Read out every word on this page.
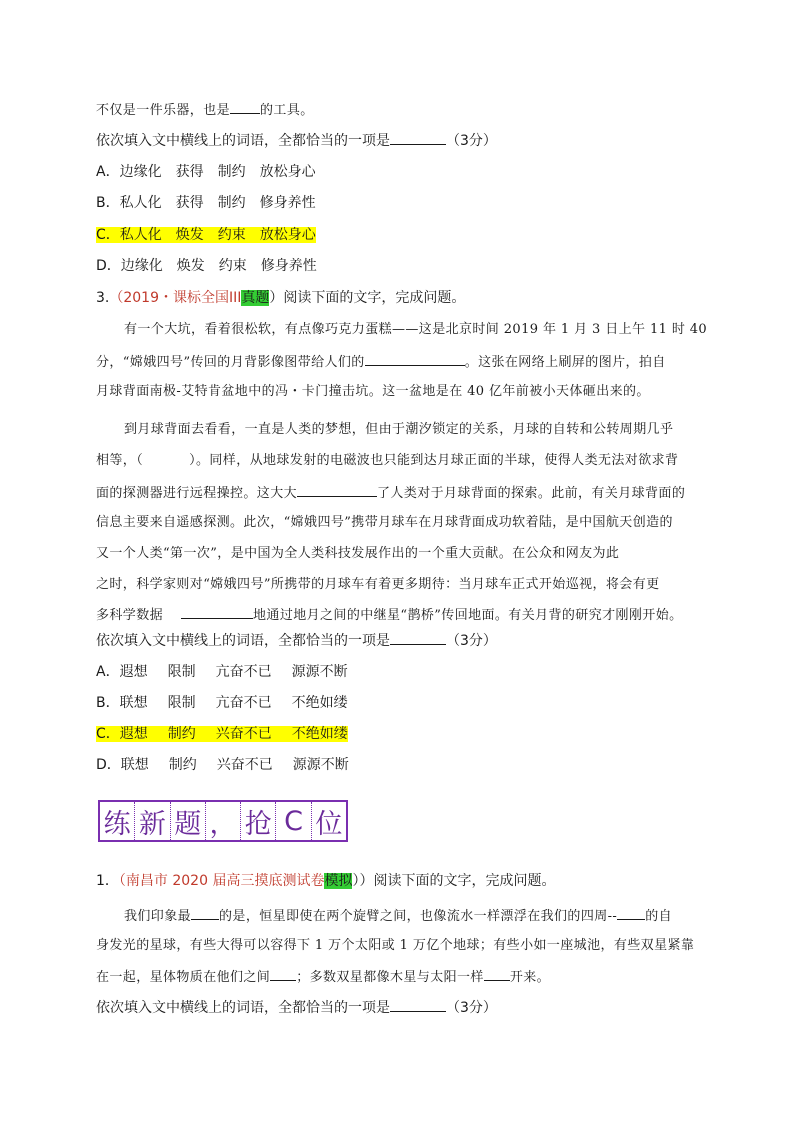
不仅是一件乐器，也是 的工具。
依次填入文中横线上的词语，全都恰当的一项是	（3分）
A．边缘化 获得 制约 放松身心
B．私人化 获得 制约 修身养性
C．私人化 焕发 约束 放松身心
D．边缘化 焕发 约束 修身养性
3.（2019・课标全国III真题）阅读下面的文字，完成问题。
有一个大坑，看着很松软，有点像巧克力蛋糕——这是北京时间 2019 年 1 月 3 日上午 11 时 40
分，“嫦娥四号”传回的月背影像图带给人们的	。这张在网络上刷屏的图片，拍自
月球背面南极-艾特肯盆地中的冯・卡门撞击坑。这一盆地是在 40 亿年前被小天体砸出来的。
到月球背面去看看，一直是人类的梦想，但由于潮汐锁定的关系，月球的自转和公转周期几乎
相等，（	）。同样，从地球发射的电磁波也只能到达月球正面的半球，使得人类无法对欲求背
面的探测器进行远程操控。这大大	了人类对于月球背面的探索。此前，有关月球背面的
信息主要来自遥感探测。此次，“嫦娥四号”携带月球车在月球背面成功软着陆，是中国航天创造的
又一个人类“第一次”，是中国为全人类科技发展作出的一个重大贡献。在公众和网友为此
之时，科学家则对“嫦娥四号”所携带的月球车有着更多期待：当月球车正式开始巡视，将会有更
多科学数据	地通过地月之间的中继星“鹊桥”传回地面。有关月背的研究才刚刚开始。
依次填入文中横线上的词语，全都恰当的一项是	（3分）
A．遐想 限制 亢奋不已 源源不断
B．联想 限制 亢奋不已 不绝如缕
C．遐想 制约 兴奋不已 不绝如缕
D．联想 制约 兴奋不已 源源不断
练 新 题 ， 抢 C 位
1．（南昌市 2020 届高三摸底测试卷模拟））阅读下面的文字，完成问题。
我们印象最 的是，恒星即使在两个旋臂之间，也像流水一样漂浮在我们的四周-- 的自
身发光的星球，有些大得可以容得下 1 万个太阳或 1 万亿个地球；有些小如一座城池，有些双星紧靠
在一起，星体物质在他们之间 ；多数双星都像木星与太阳一样 开来。
依次填入文中横线上的词语，全都恰当的一项是	（3分）
